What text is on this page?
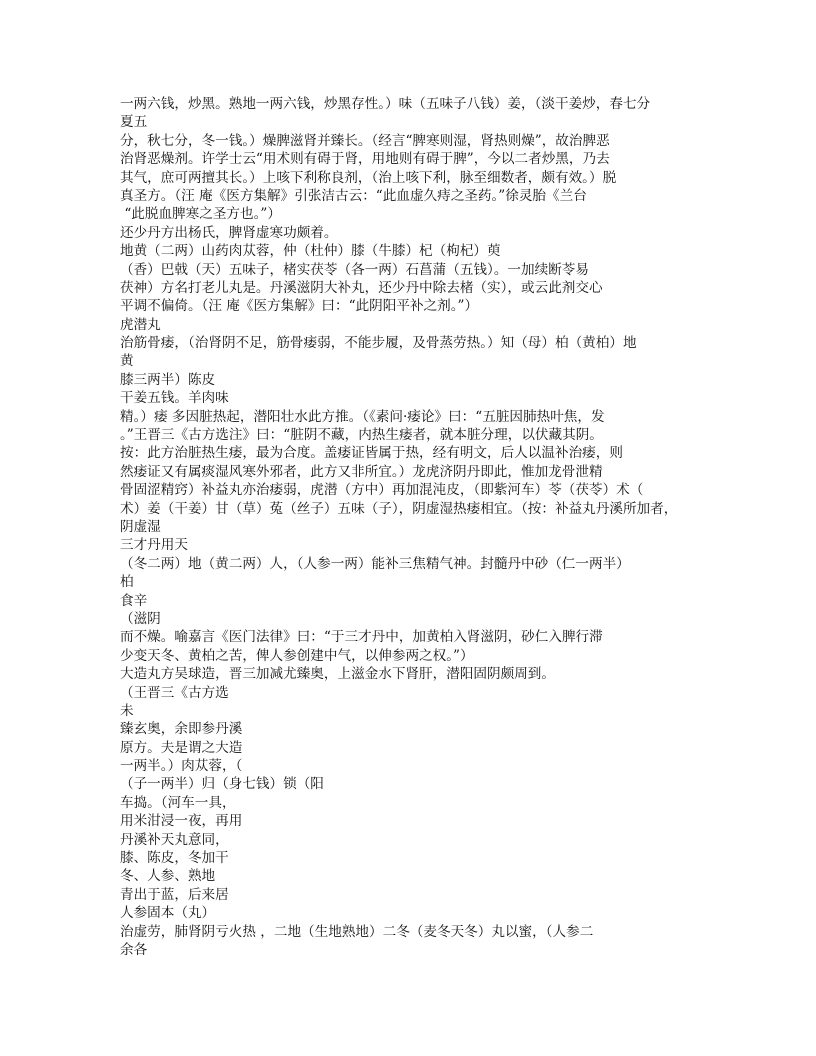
一两六钱，炒黑。熟地一两六钱，炒黑存性。）味（五味子八钱）姜，（淡干姜炒，春七分
夏五
分，秋七分，冬一钱。）燥脾滋肾并臻长。（经言“脾寒则湿，肾热则燥”，故治脾恶
治肾恶燥剂。许学士云“用术则有碍于肾，用地则有碍于脾”，今以二者炒黑，乃去
其气，庶可两擅其长。）上咳下利称良剂，（治上咳下利，脉至细数者，颇有效。）脱
真圣方。（汪 庵《医方集解》引张洁古云：“此血虚久痔之圣药。”徐灵胎《兰台
“此脱血脾寒之圣方也。”）
还少丹方出杨氏，脾肾虚寒功颇着。
地黄（二两）山药肉苁蓉，仲（杜仲）膝（牛膝）杞（枸杞）萸
（香）巴戟（天）五味子，楮实茯苓（各一两）石菖蒲（五钱）。一加续断苓易
茯神）方名打老儿丸是。丹溪滋阴大补丸，还少丹中除去楮（实），或云此剂交心
平调不偏倚。（汪 庵《医方集解》曰：“此阴阳平补之剂。”）
虎潜丸
治筋骨痿，（治肾阴不足，筋骨痿弱，不能步履，及骨蒸劳热。）知（母）柏（黄柏）地
黄
膝三两半）陈皮
干姜五钱。羊肉味
精。）痿 多因脏热起，潜阳壮水此方推。（《素问·痿论》曰：“五脏因肺热叶焦，发
。”王晋三《古方选注》曰：“脏阴不藏，内热生痿者，就本脏分理，以伏藏其阴。
按：此方治脏热生痿，最为合度。盖痿证皆属于热，经有明文，后人以温补治痿，则
然痿证又有属痰湿风寒外邪者，此方又非所宜。）龙虎济阴丹即此，惟加龙骨泄精
骨固涩精窍）补益丸亦治痿弱，虎潜（方中）再加混沌皮，（即紫河车）苓（茯苓）术（
术）姜（干姜）甘（草）菟（丝子）五味（子），阴虚湿热痿相宜。（按：补益丸丹溪所加者，
阴虚湿
三才丹用天
（冬二两）地（黄二两）人，（人参一两）能补三焦精气神。封髓丹中砂（仁一两半）
柏
食辛
（滋阴
而不燥。喻嘉言《医门法律》曰：“于三才丹中，加黄柏入肾滋阴，砂仁入脾行滞
少变天冬、黄柏之苦，俾人参创建中气，以伸参两之权。”）
大造丸方吴球造，晋三加减尤臻奥，上滋金水下肾肝，潜阳固阴颇周到。
（王晋三《古方选
未
臻玄奥，余即参丹溪
原方。夫是谓之大造
一两半。）肉苁蓉，（
（子一两半）归（身七钱）锁（阳
车捣。（河车一具，
用米泔浸一夜，再用
丹溪补天丸意同，
膝、陈皮，冬加干
冬、人参、熟地
青出于蓝，后来居
人参固本（丸）
治虚劳，肺肾阴亏火热 ，二地（生地熟地）二冬（麦冬天冬）丸以蜜，（人参二
余各
